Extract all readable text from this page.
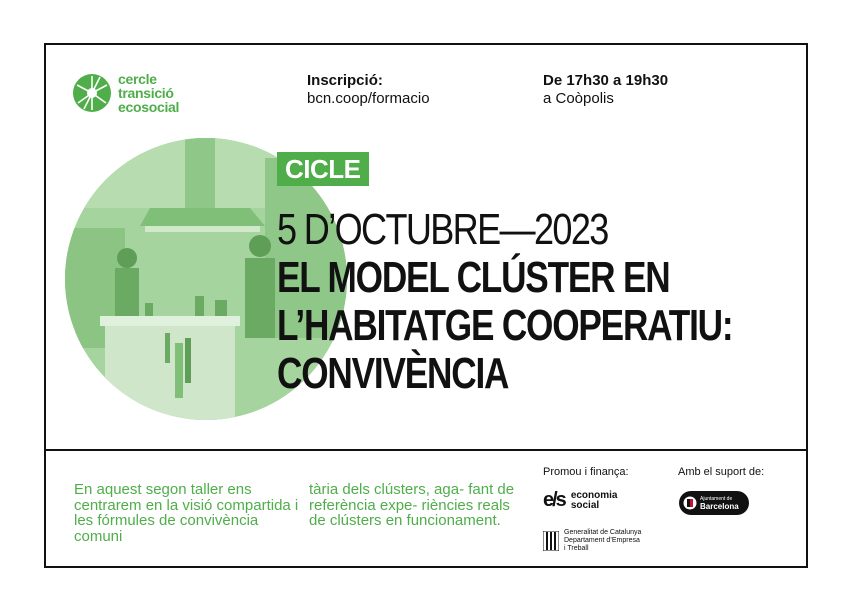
cercle
transició
ecosocial
Inscripció:
bcn.coop/formacio
De 17h30 a 19h30
a Coòpolis
CICLE
5 D’OCTUBRE—2023
EL MODEL CLÚSTER EN
L’HABITATGE COOPERATIU:
CONVIVÈNCIA
En aquest segon taller ens centrarem en la visió compartida i les fórmules de convivència comuni
tària dels clústers, aga- fant de referència expe- riències reals de clústers en funcionament.
Promou i finança:	Amb el suport de:
e/s economia
social
Generalitat de Catalunya
Departament d’Empresa
i Treball
Ajuntament de
Barcelona
